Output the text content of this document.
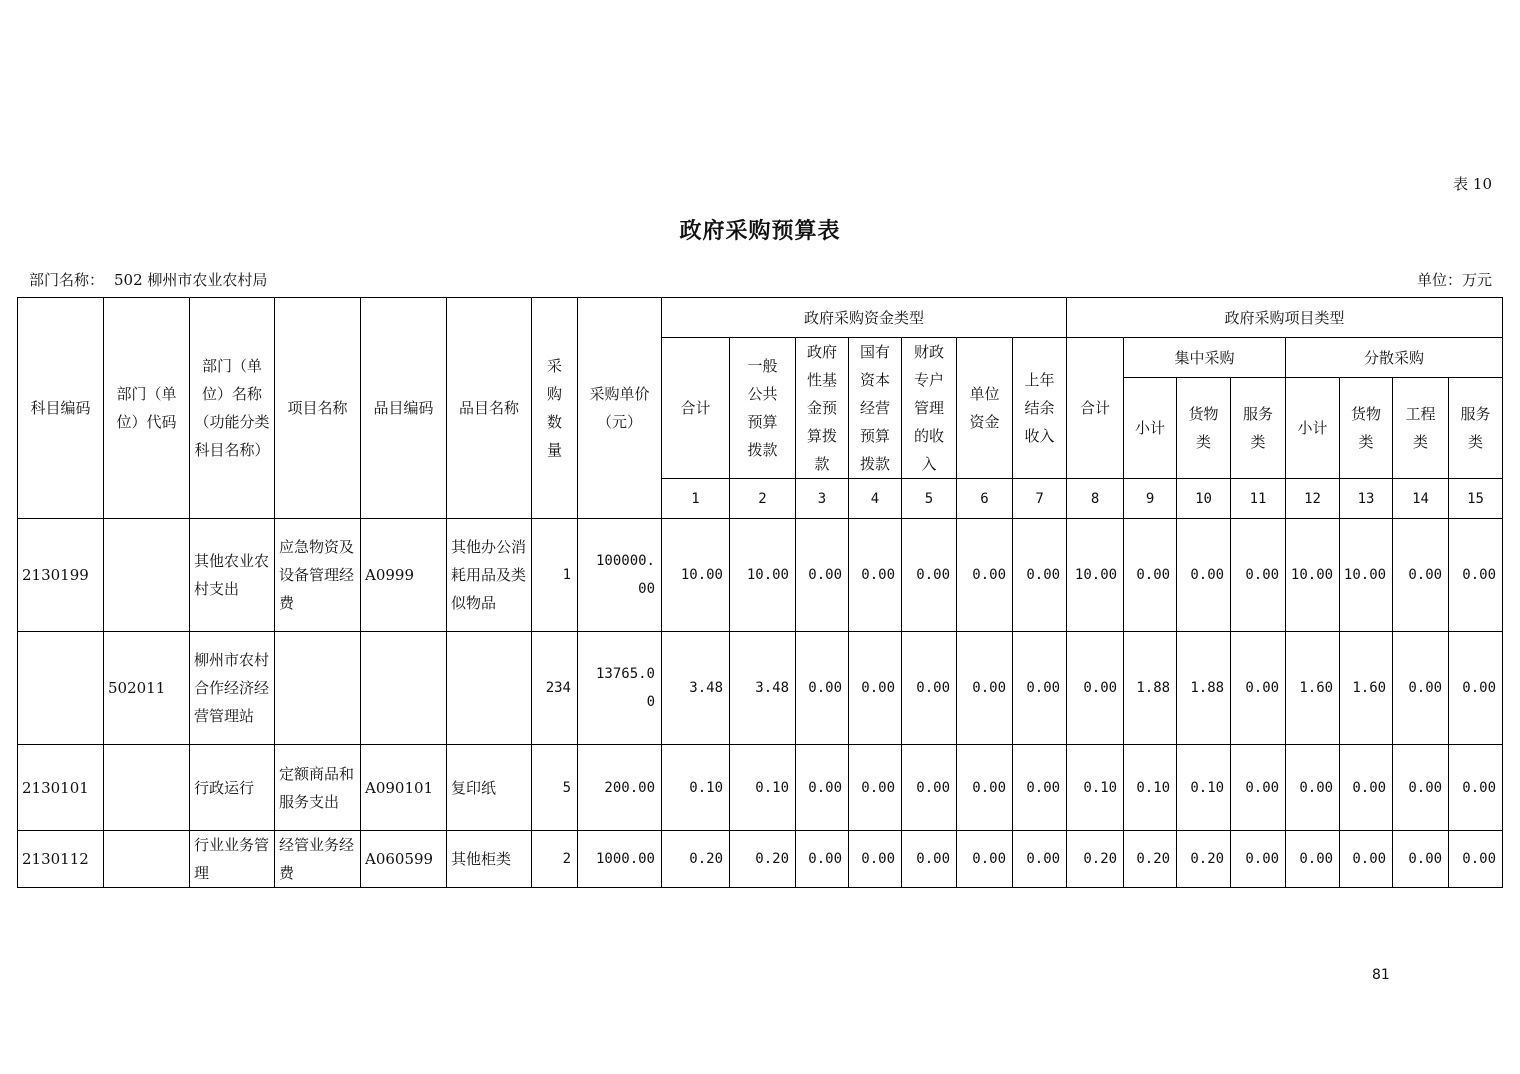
表 10
政府采购预算表
部门名称： 502 柳州市农业农村局	单位：万元
科目编码	部门（单位）代码	部门（单位）名称（功能分类科目名称）	项目名称	品目编码	品目名称	采购数量	采购单价（元）	政府采购资金类型							政府采购项目类型							
								合计	一般公共预算拨款	政府性基金预算拨款	国有资本经营预算拨款	财政专户管理的收入	单位资金	上年结余收入	合计	集中采购			分散采购			
																小计	货物类	服务类	小计	货物类	工程类	服务类
								1	2	3	4	5	6	7	8	9	10	11	12	13	14	15
2130199		其他农业农村支出	应急物资及设备管理经费	A0999	其他办公消耗用品及类似物品	1	100000.00	10.00	10.00	0.00	0.00	0.00	0.00	0.00	10.00	0.00	0.00	0.00	10.00	10.00	0.00	0.00
	502011	柳州市农村合作经济经营管理站				234	13765.00	3.48	3.48	0.00	0.00	0.00	0.00	0.00	0.00	1.88	1.88	0.00	1.60	1.60	0.00	0.00
2130101		行政运行	定额商品和服务支出	A090101	复印纸	5	200.00	0.10	0.10	0.00	0.00	0.00	0.00	0.00	0.10	0.10	0.10	0.00	0.00	0.00	0.00	0.00
2130112		行业业务管理	经管业务经费	A060599	其他柜类	2	1000.00	0.20	0.20	0.00	0.00	0.00	0.00	0.00	0.20	0.20	0.20	0.00	0.00	0.00	0.00	0.00
81
